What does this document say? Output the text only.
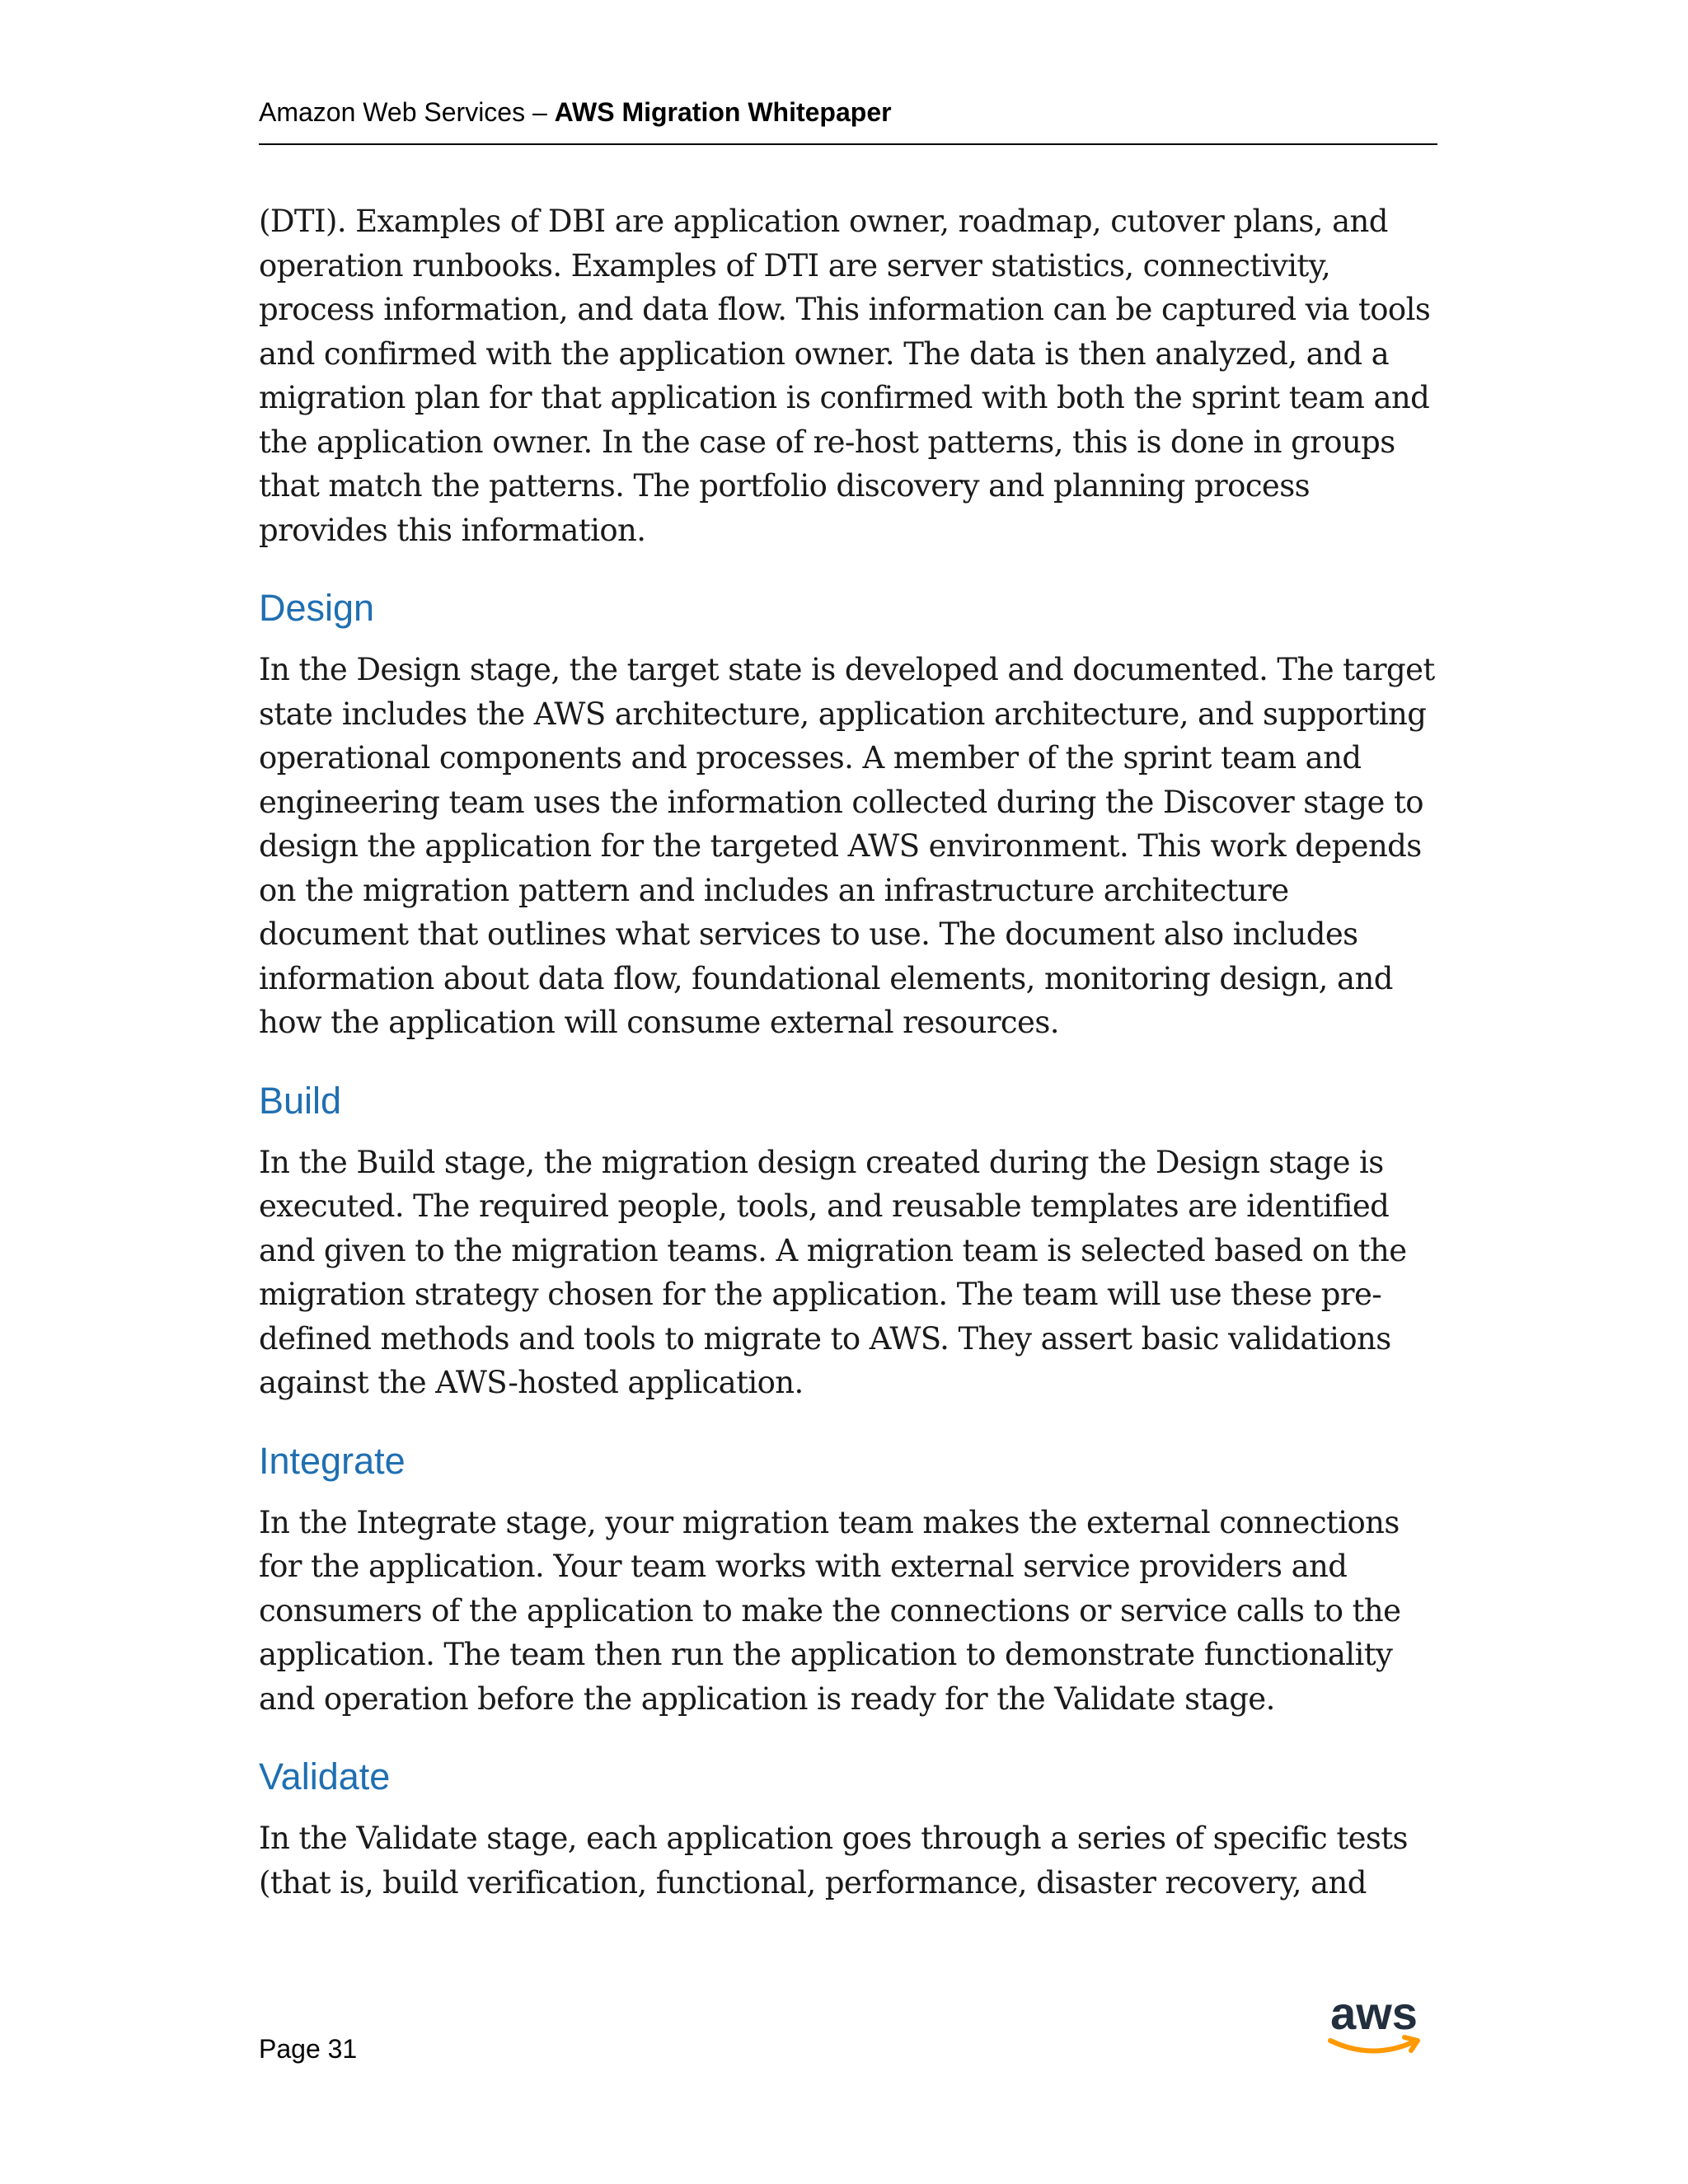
Amazon Web Services – AWS Migration Whitepaper

(DTI). Examples of DBI are application owner, roadmap, cutover plans, and operation runbooks. Examples of DTI are server statistics, connectivity, process information, and data flow. This information can be captured via tools and confirmed with the application owner. The data is then analyzed, and a migration plan for that application is confirmed with both the sprint team and the application owner. In the case of re-host patterns, this is done in groups that match the patterns. The portfolio discovery and planning process provides this information.

Design

In the Design stage, the target state is developed and documented. The target state includes the AWS architecture, application architecture, and supporting operational components and processes. A member of the sprint team and engineering team uses the information collected during the Discover stage to design the application for the targeted AWS environment. This work depends on the migration pattern and includes an infrastructure architecture document that outlines what services to use. The document also includes information about data flow, foundational elements, monitoring design, and how the application will consume external resources.

Build

In the Build stage, the migration design created during the Design stage is executed. The required people, tools, and reusable templates are identified and given to the migration teams. A migration team is selected based on the migration strategy chosen for the application. The team will use these pre-defined methods and tools to migrate to AWS. They assert basic validations against the AWS-hosted application.

Integrate

In the Integrate stage, your migration team makes the external connections for the application. Your team works with external service providers and consumers of the application to make the connections or service calls to the application. The team then run the application to demonstrate functionality and operation before the application is ready for the Validate stage.

Validate

In the Validate stage, each application goes through a series of specific tests (that is, build verification, functional, performance, disaster recovery, and

Page 31
aws
